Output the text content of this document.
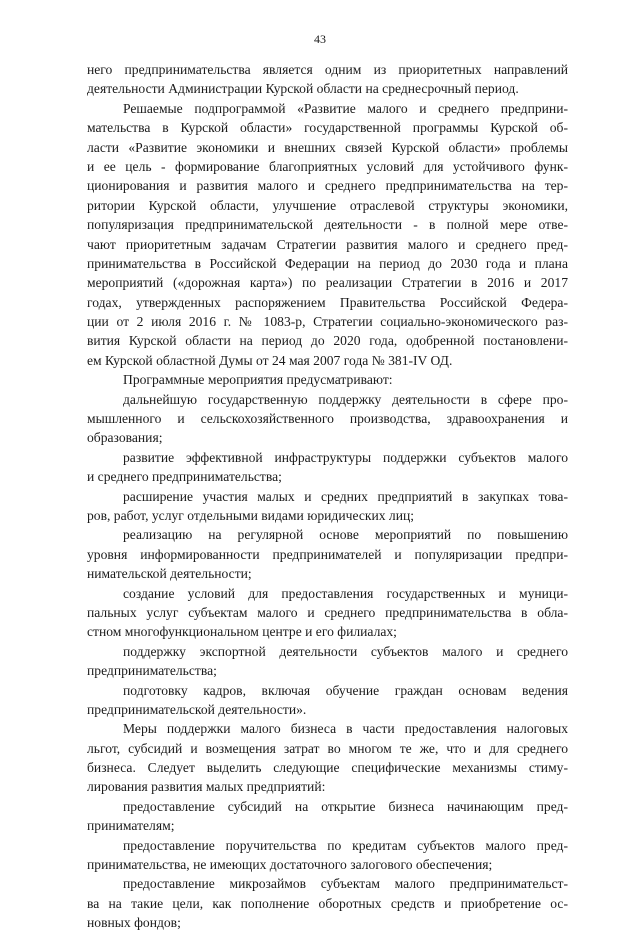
43
него предпринимательства является одним из приоритетных направлений
деятельности Администрации Курской области на среднесрочный период.
Решаемые подпрограммой «Развитие малого и среднего предприни-
мательства в Курской области» государственной программы Курской об-
ласти «Развитие экономики и внешних связей Курской области» проблемы
и ее цель - формирование благоприятных условий для устойчивого функ-
ционирования и развития малого и среднего предпринимательства на тер-
ритории Курской области, улучшение отраслевой структуры экономики,
популяризация предпринимательской деятельности - в полной мере отве-
чают приоритетным задачам Стратегии развития малого и среднего пред-
принимательства в Российской Федерации на период до 2030 года и плана
мероприятий («дорожная карта») по реализации Стратегии в 2016 и 2017
годах, утвержденных распоряжением Правительства Российской Федера-
ции от 2 июля 2016 г. № 1083-р, Стратегии социально-экономического раз-
вития Курской области на период до 2020 года, одобренной постановлени-
ем Курской областной Думы от 24 мая 2007 года № 381-IV ОД.
Программные мероприятия предусматривают:
дальнейшую государственную поддержку деятельности в сфере про-
мышленного и сельскохозяйственного производства, здравоохранения и
образования;
развитие эффективной инфраструктуры поддержки субъектов малого
и среднего предпринимательства;
расширение участия малых и средних предприятий в закупках това-
ров, работ, услуг отдельными видами юридических лиц;
реализацию на регулярной основе мероприятий по повышению
уровня информированности предпринимателей и популяризации предпри-
нимательской деятельности;
создание условий для предоставления государственных и муници-
пальных услуг субъектам малого и среднего предпринимательства в обла-
стном многофункциональном центре и его филиалах;
поддержку экспортной деятельности субъектов малого и среднего
предпринимательства;
подготовку кадров, включая обучение граждан основам ведения
предпринимательской деятельности».
Меры поддержки малого бизнеса в части предоставления налоговых
льгот, субсидий и возмещения затрат во многом те же, что и для среднего
бизнеса. Следует выделить следующие специфические механизмы стиму-
лирования развития малых предприятий:
предоставление субсидий на открытие бизнеса начинающим пред-
принимателям;
предоставление поручительства по кредитам субъектов малого пред-
принимательства, не имеющих достаточного залогового обеспечения;
предоставление микрозаймов субъектам малого предпринимательст-
ва на такие цели, как пополнение оборотных средств и приобретение ос-
новных фондов;
